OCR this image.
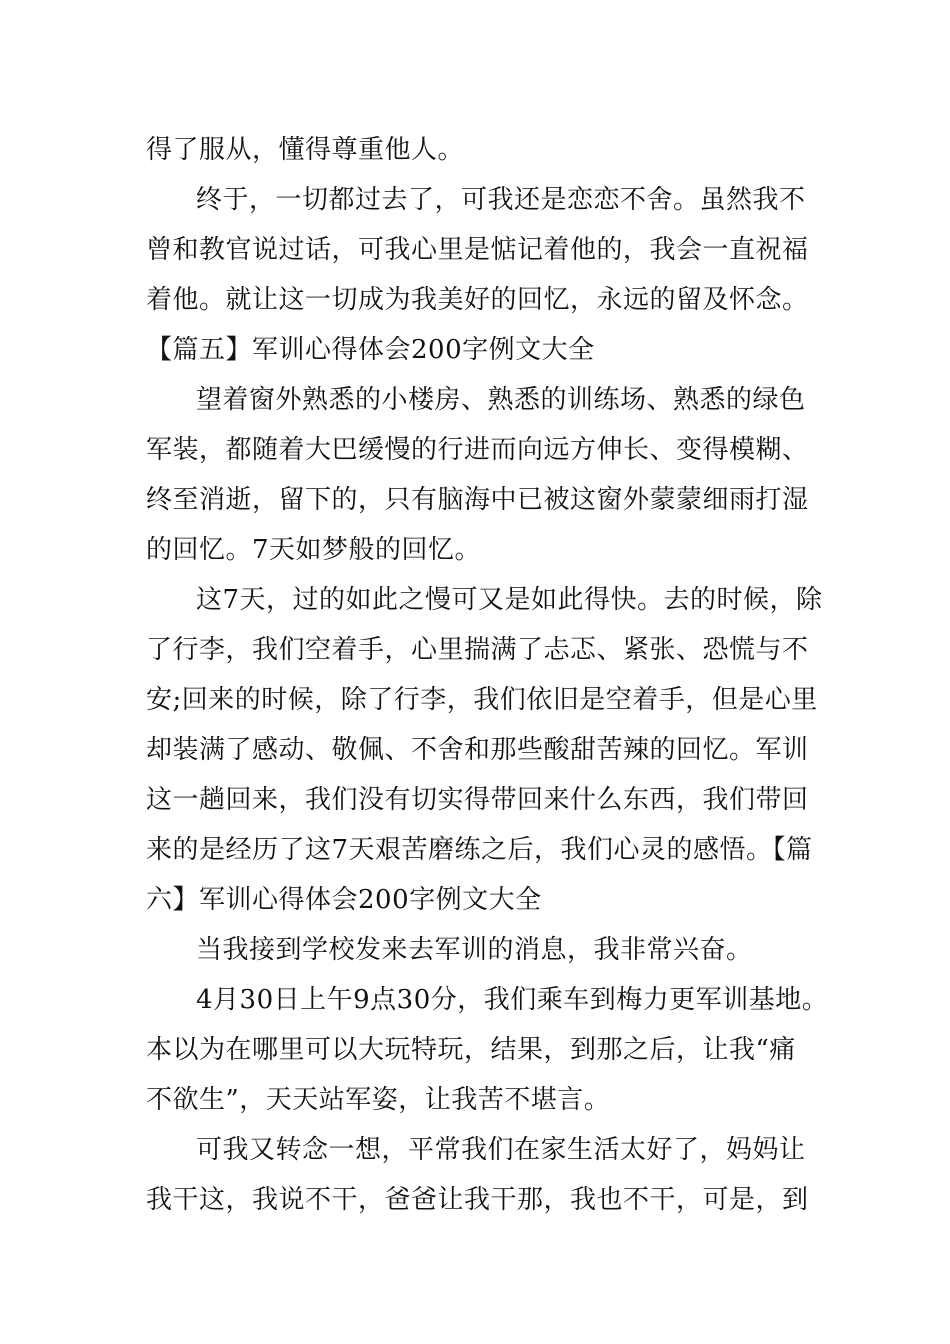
得了服从，懂得尊重他人。
终于，一切都过去了，可我还是恋恋不舍。虽然我不
曾和教官说过话，可我心里是惦记着他的，我会一直祝福
着他。就让这一切成为我美好的回忆，永远的留及怀念。
【篇五】军训心得体会200字例文大全
望着窗外熟悉的小楼房、熟悉的训练场、熟悉的绿色
军装，都随着大巴缓慢的行进而向远方伸长、变得模糊、
终至消逝，留下的，只有脑海中已被这窗外蒙蒙细雨打湿
的回忆。7天如梦般的回忆。
这7天，过的如此之慢可又是如此得快。去的时候，除
了行李，我们空着手，心里揣满了忐忑、紧张、恐慌与不
安;回来的时候，除了行李，我们依旧是空着手，但是心里
却装满了感动、敬佩、不舍和那些酸甜苦辣的回忆。军训
这一趟回来，我们没有切实得带回来什么东西，我们带回
来的是经历了这7天艰苦磨练之后，我们心灵的感悟。【篇
六】军训心得体会200字例文大全
当我接到学校发来去军训的消息，我非常兴奋。
4月30日上午9点30分，我们乘车到梅力更军训基地。
本以为在哪里可以大玩特玩，结果，到那之后，让我“痛
不欲生”，天天站军姿，让我苦不堪言。
可我又转念一想，平常我们在家生活太好了，妈妈让
我干这，我说不干，爸爸让我干那，我也不干，可是，到
